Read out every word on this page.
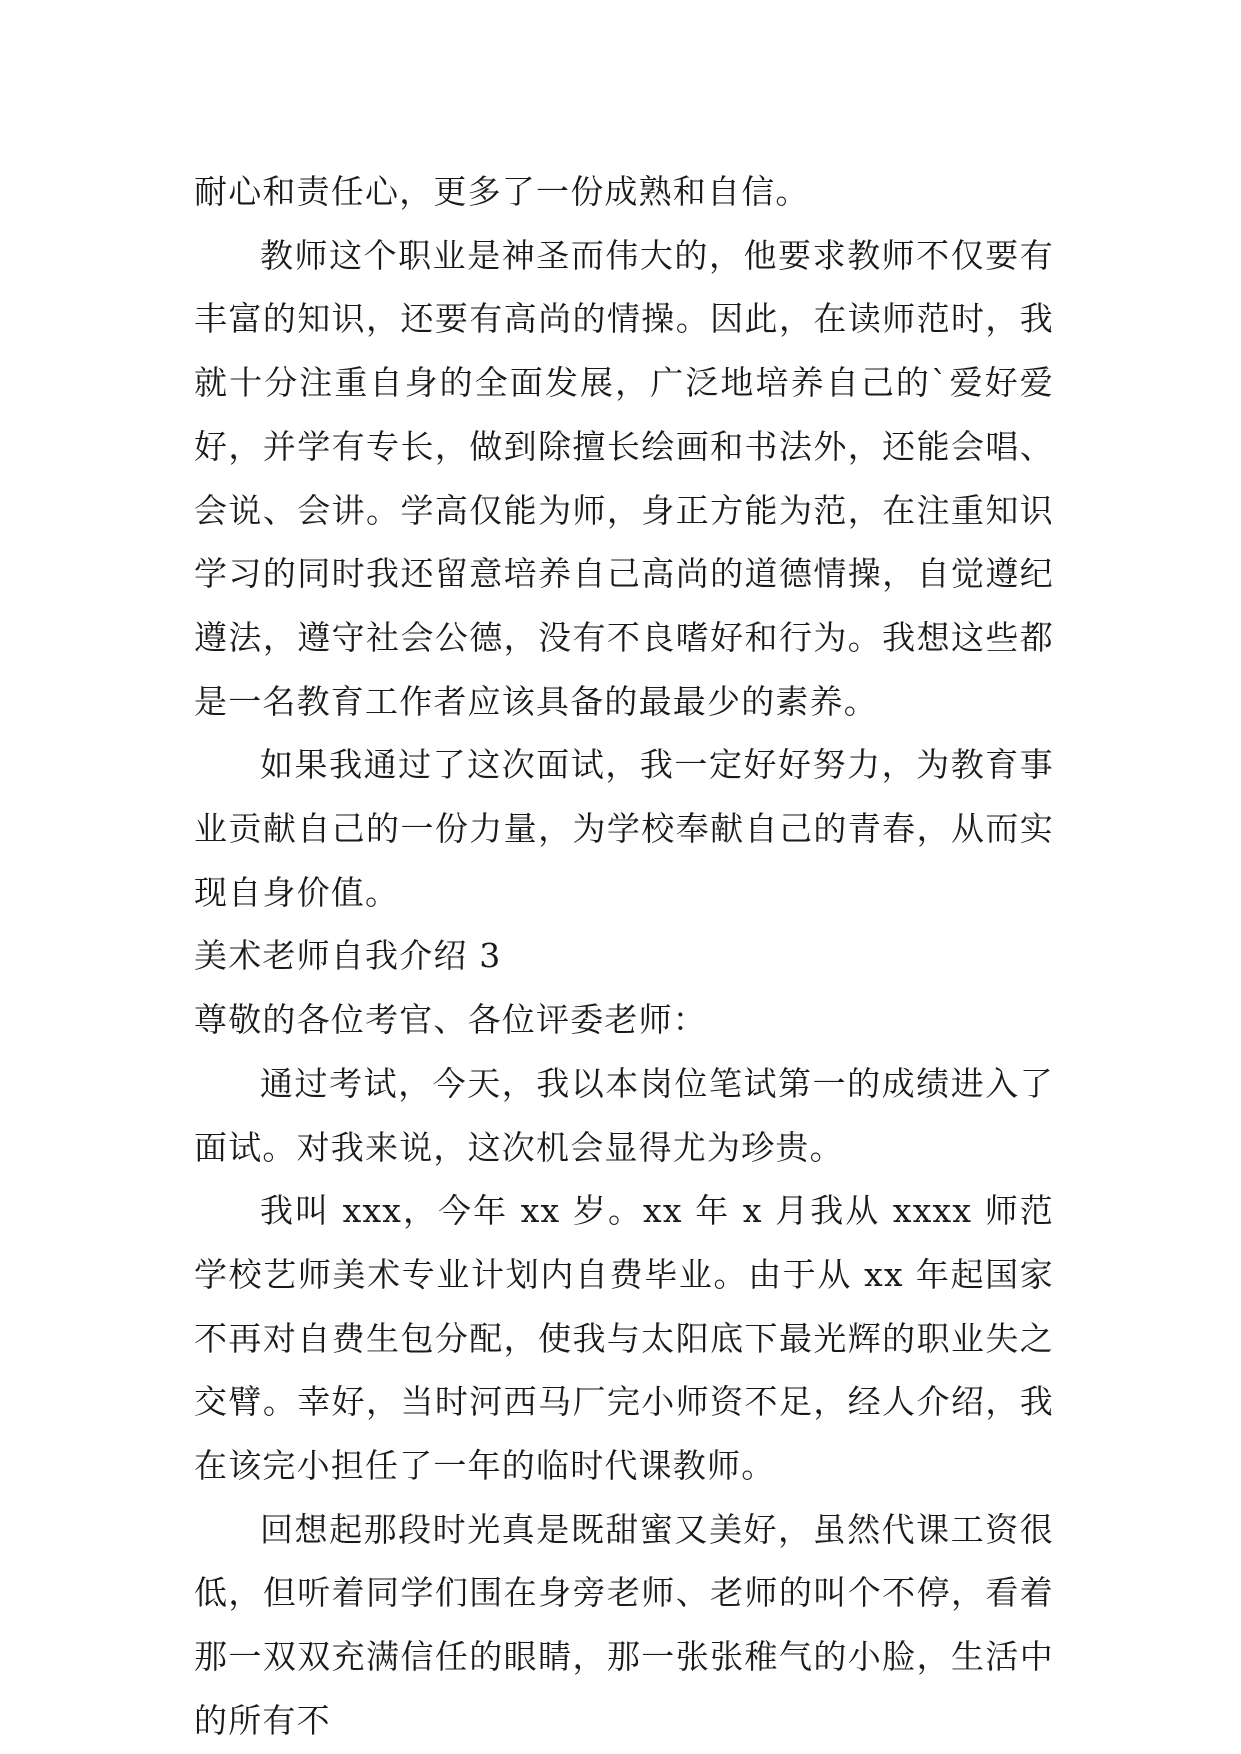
耐心和责任心，更多了一份成熟和自信。

教师这个职业是神圣而伟大的，他要求教师不仅要有丰富的知识，还要有高尚的情操。因此，在读师范时，我就十分注重自身的全面发展，广泛地培养自己的`爱好爱好，并学有专长，做到除擅长绘画和书法外，还能会唱、会说、会讲。学高仅能为师，身正方能为范，在注重知识学习的同时我还留意培养自己高尚的道德情操，自觉遵纪遵法，遵守社会公德，没有不良嗜好和行为。我想这些都是一名教育工作者应该具备的最最少的素养。

如果我通过了这次面试，我一定好好努力，为教育事业贡献自己的一份力量，为学校奉献自己的青春，从而实现自身价值。

美术老师自我介绍 3

尊敬的各位考官、各位评委老师：

通过考试，今天，我以本岗位笔试第一的成绩进入了面试。对我来说，这次机会显得尤为珍贵。

我叫 xxx，今年 xx 岁。xx 年 x 月我从 xxxx 师范学校艺师美术专业计划内自费毕业。由于从 xx 年起国家不再对自费生包分配，使我与太阳底下最光辉的职业失之交臂。幸好，当时河西马厂完小师资不足，经人介绍，我在该完小担任了一年的临时代课教师。

回想起那段时光真是既甜蜜又美好，虽然代课工资很低，但听着同学们围在身旁老师、老师的叫个不停，看着那一双双充满信任的眼睛，那一张张稚气的小脸，生活中的所有不
